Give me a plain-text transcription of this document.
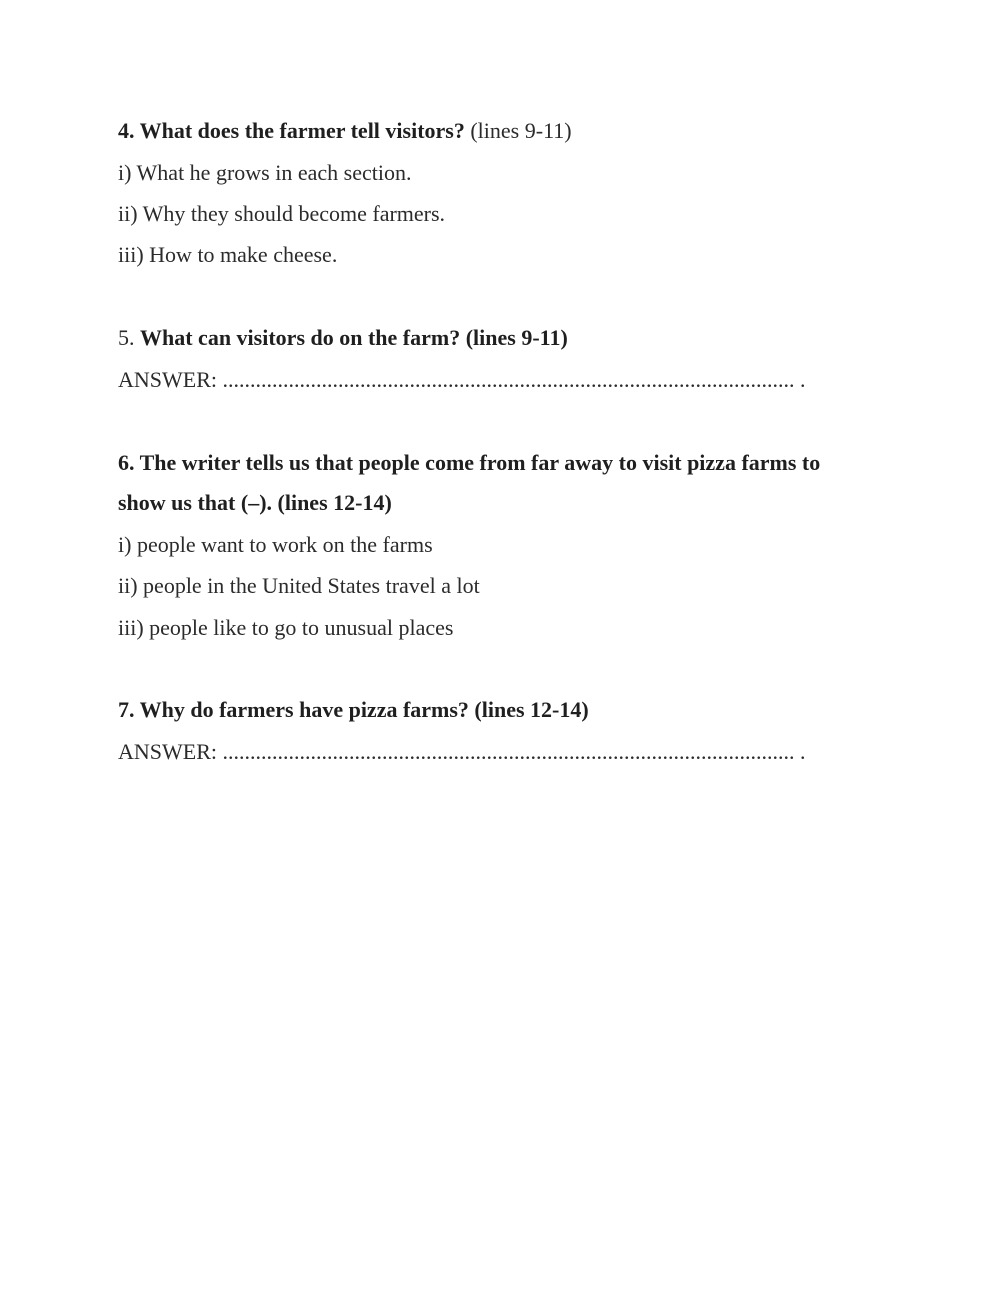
4. What does the farmer tell visitors? (lines 9-11)
i) What he grows in each section.
ii) Why they should become farmers.
iii) How to make cheese.
5. What can visitors do on the farm? (lines 9-11)
ANSWER: ........................................................................................................ .
6. The writer tells us that people come from far away to visit pizza farms to
show us that (–). (lines 12-14)
i) people want to work on the farms
ii) people in the United States travel a lot
iii) people like to go to unusual places
7. Why do farmers have pizza farms? (lines 12-14)
ANSWER: ........................................................................................................ .
